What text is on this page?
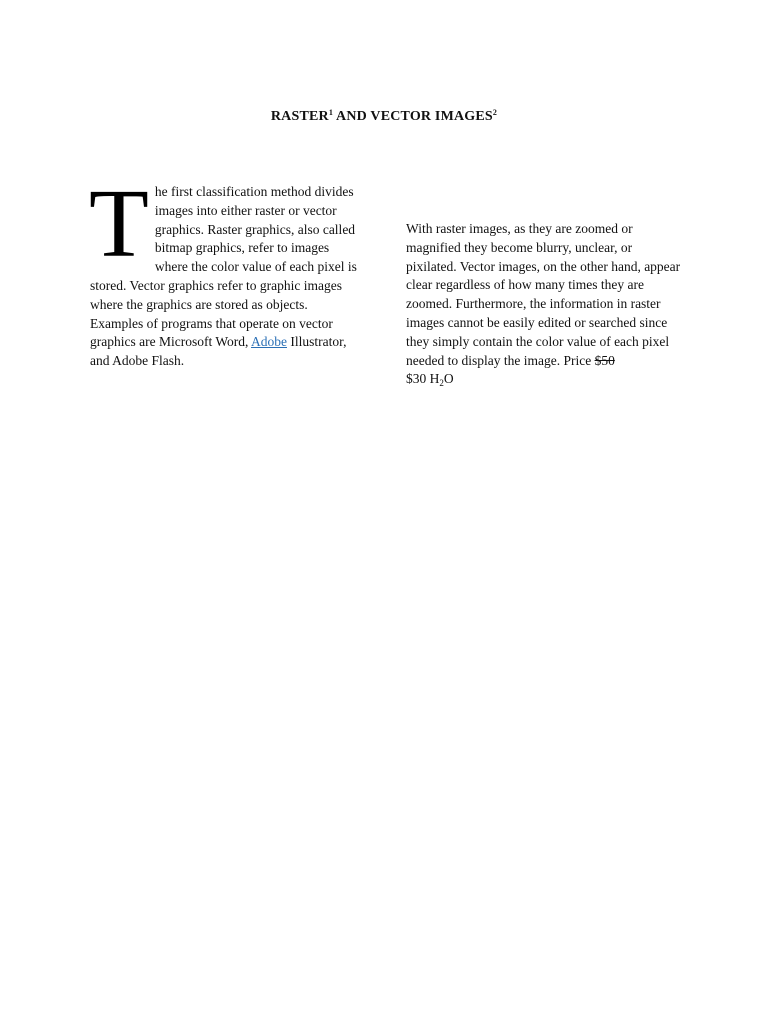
RASTER$^1$ AND VECTOR IMAGES$^2$
The first classification method divides images into either raster or vector graphics. Raster graphics, also called bitmap graphics, refer to images where the color value of each pixel is stored. Vector graphics refer to graphic images where the graphics are stored as objects. Examples of programs that operate on vector graphics are Microsoft Word, Adobe Illustrator, and Adobe Flash.
With raster images, as they are zoomed or magnified they become blurry, unclear, or pixilated. Vector images, on the other hand, appear clear regardless of how many times they are zoomed. Furthermore, the information in raster images cannot be easily edited or searched since they simply contain the color value of each pixel needed to display the image. Price $50
$30 $H_2O$
